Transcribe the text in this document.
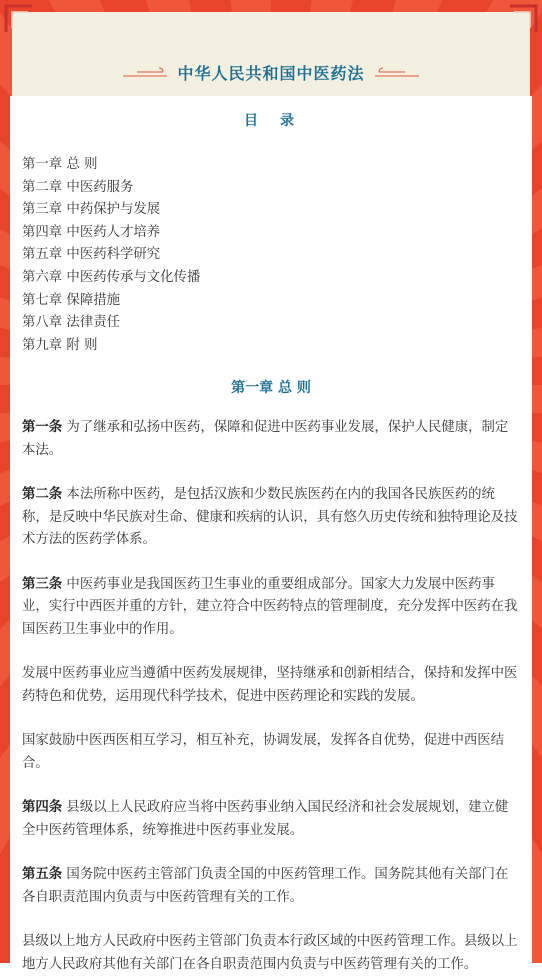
中华人民共和国中医药法
目　录
第一章 总 则
第二章 中医药服务
第三章 中药保护与发展
第四章 中医药人才培养
第五章 中医药科学研究
第六章 中医药传承与文化传播
第七章 保障措施
第八章 法律责任
第九章 附 则
第一章 总 则

第一条 为了继承和弘扬中医药，保障和促进中医药事业发展，保护人民健康，制定本法。

第二条 本法所称中医药，是包括汉族和少数民族医药在内的我国各民族医药的统称，是反映中华民族对生命、健康和疾病的认识，具有悠久历史传统和独特理论及技术方法的医药学体系。

第三条 中医药事业是我国医药卫生事业的重要组成部分。国家大力发展中医药事业，实行中西医并重的方针，建立符合中医药特点的管理制度，充分发挥中医药在我国医药卫生事业中的作用。

发展中医药事业应当遵循中医药发展规律，坚持继承和创新相结合，保持和发挥中医药特色和优势，运用现代科学技术，促进中医药理论和实践的发展。

国家鼓励中医西医相互学习，相互补充，协调发展，发挥各自优势，促进中西医结合。

第四条 县级以上人民政府应当将中医药事业纳入国民经济和社会发展规划，建立健全中医药管理体系，统筹推进中医药事业发展。

第五条 国务院中医药主管部门负责全国的中医药管理工作。国务院其他有关部门在各自职责范围内负责与中医药管理有关的工作。

县级以上地方人民政府中医药主管部门负责本行政区域的中医药管理工作。县级以上地方人民政府其他有关部门在各自职责范围内负责与中医药管理有关的工作。
